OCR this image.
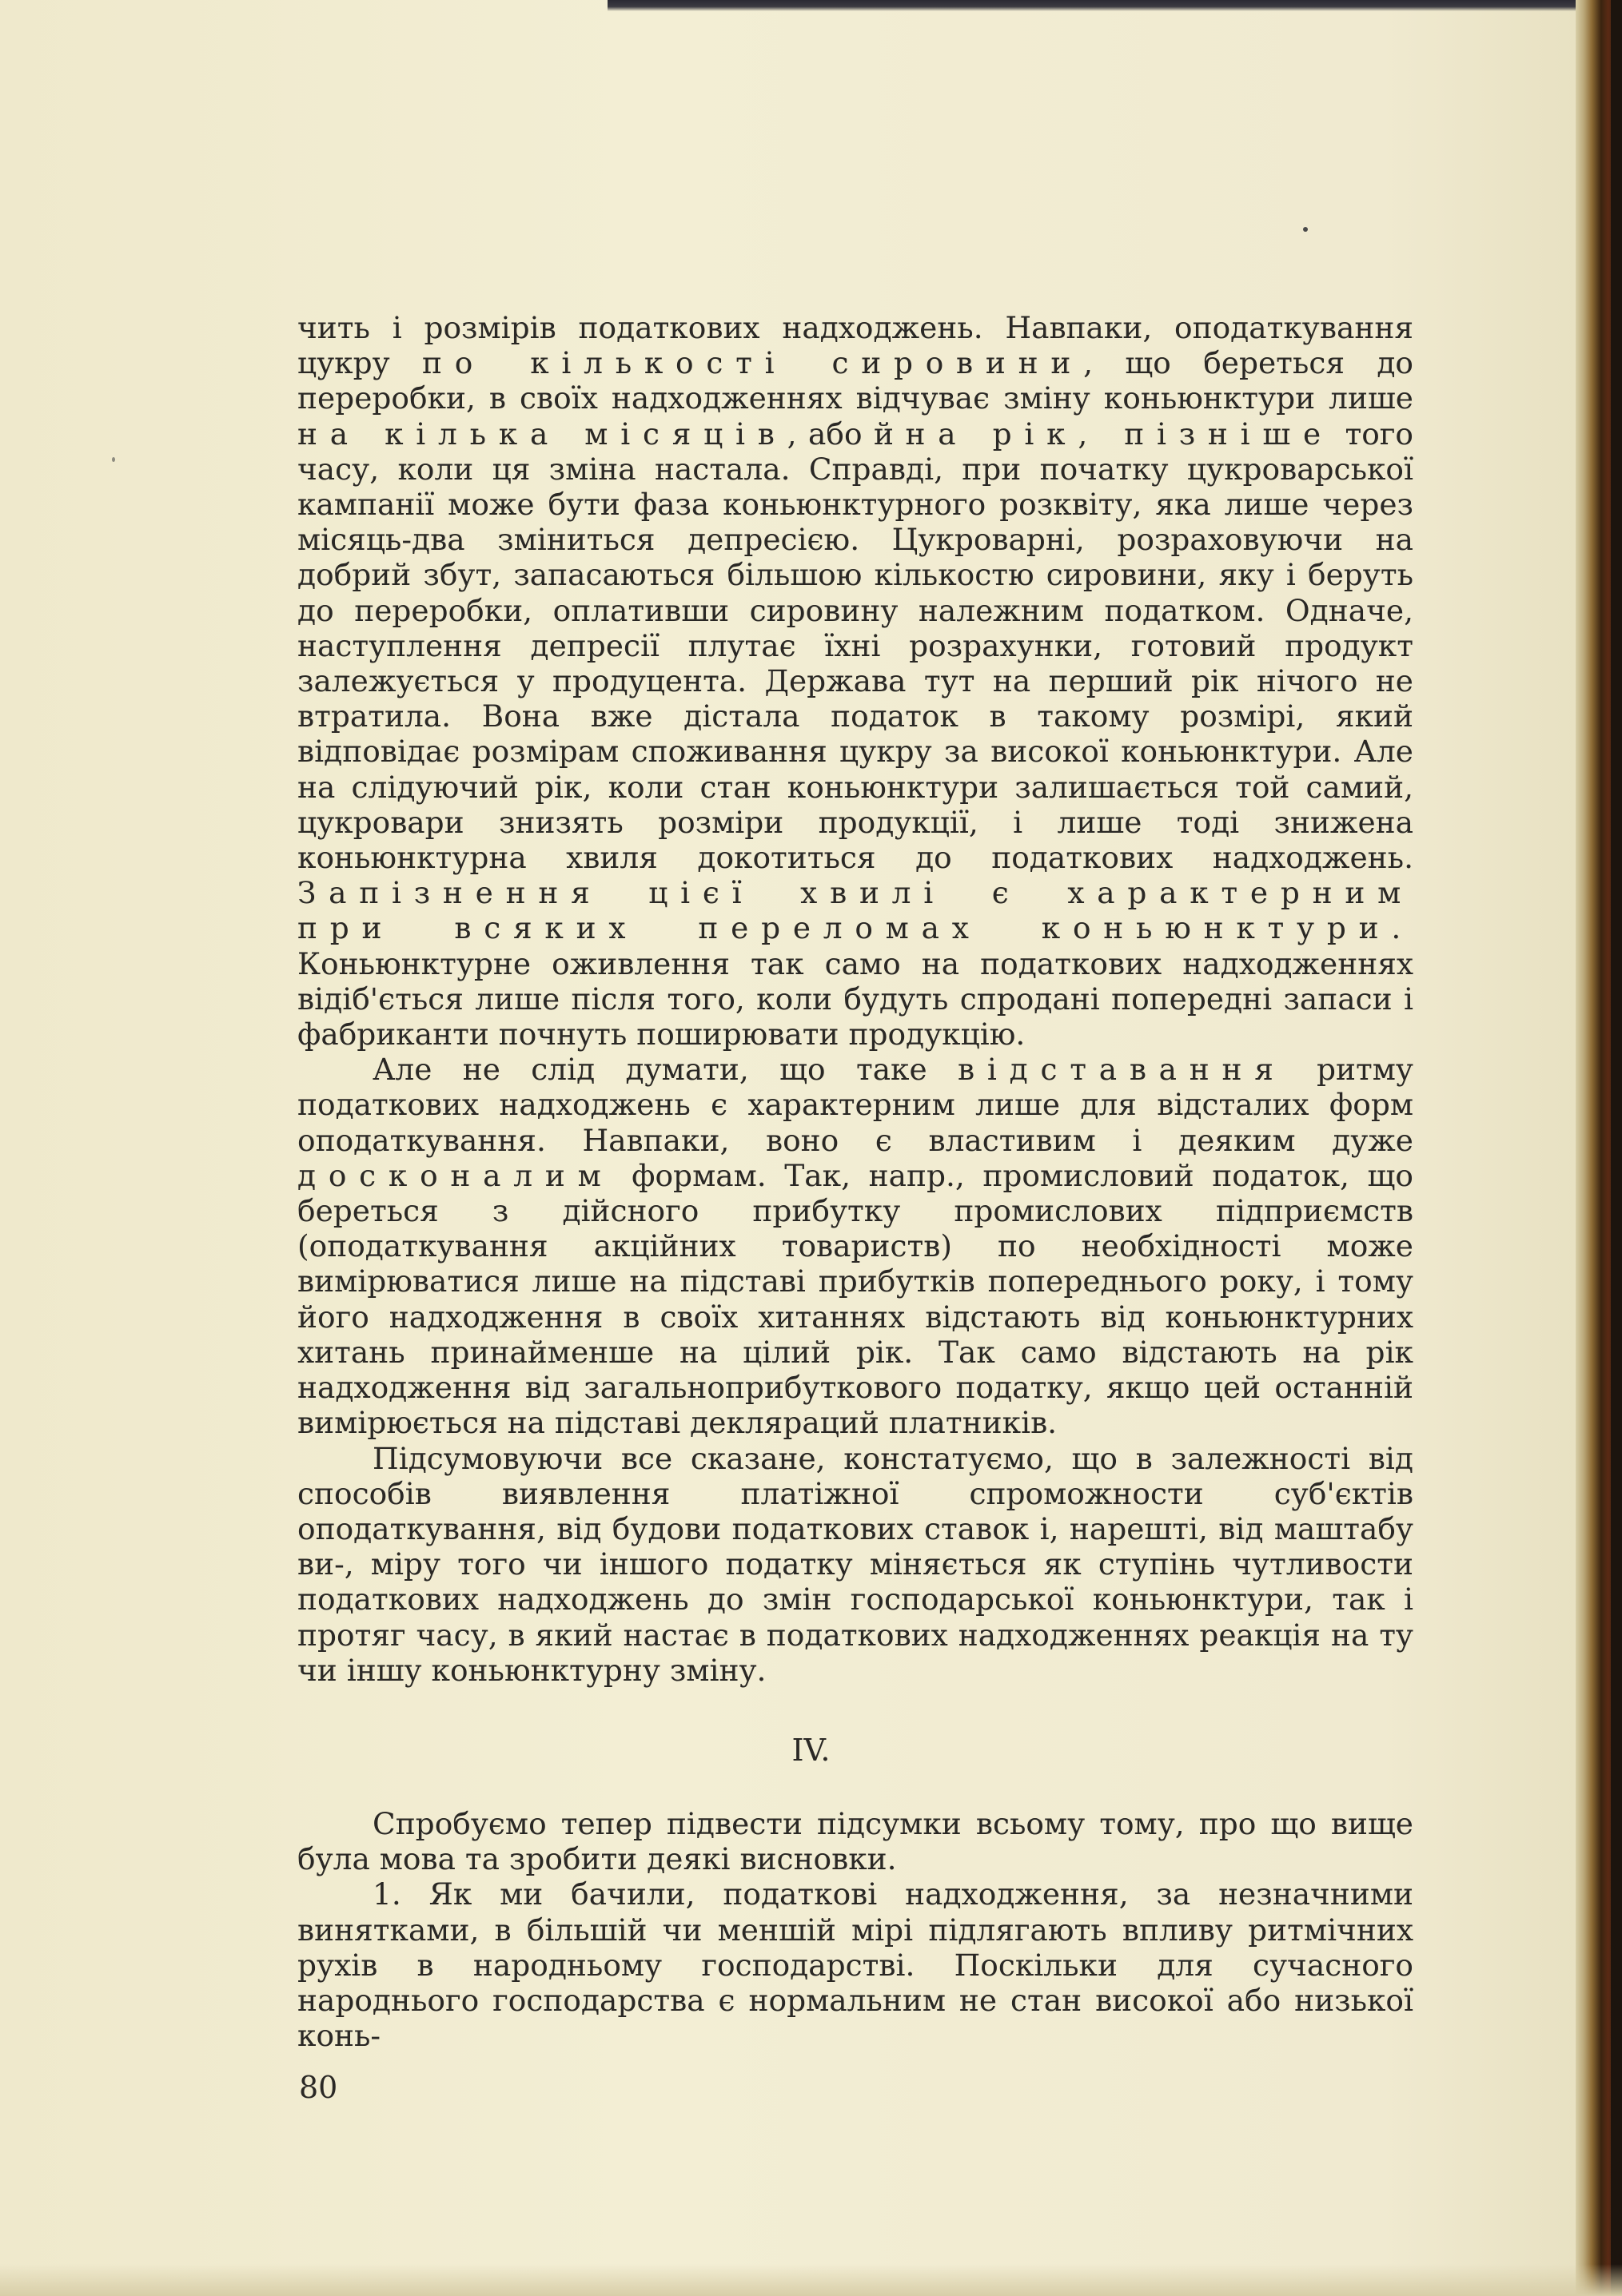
чить і розмірів податкових надходжень. Навпаки, оподаткування цукру по кількості сировини, що береться до переробки, в своїх надходженнях відчуває зміну коньюнктури лише на кілька місяців, або й на рік, пізніше того часу, коли ця зміна настала. Справді, при початку цукроварської кампанії може бути фаза коньюнктурного розквіту, яка лише через місяць-два зміниться депресією. Цукроварні, розраховуючи на добрий збут, запасаються більшою кількостю сировини, яку і беруть до переробки, оплативши сировину належним податком. Одначе, наступлення депресії плутає їхні розрахунки, готовий продукт залежується у продуцента. Держава тут на перший рік нічого не втратила. Вона вже дістала податок в такому розмірі, який відповідає розмірам споживання цукру за високої коньюнктури. Але на слідуючий рік, коли стан коньюнктури залишається той самий, цукровари знизять розміри продукції, і лише тоді знижена коньюнктурна хвиля докотиться до податкових надходжень. Запізнення цієї хвилі є характерним при всяких переломах коньюнктури. Коньюнктурне оживлення так само на податкових надходженнях відіб'ється лише після того, коли будуть спродані попередні запаси і фабриканти почнуть поширювати продукцію.

Але не слід думати, що таке відставання ритму податкових надходжень є характерним лише для відсталих форм оподаткування. Навпаки, воно є властивим і деяким дуже досконалим формам. Так, напр., промисловий податок, що береться з дійсного прибутку промислових підприємств (оподаткування акційних товариств) по необхідності може вимірюватися лише на підставі прибутків попереднього року, і тому його надходження в своїх хитаннях відстають від коньюнктурних хитань принайменше на цілий рік. Так само відстають на рік надходження від загальноприбуткового податку, якщо цей останній вимірюється на підставі декляраций платників.

Підсумовуючи все сказане, констатуємо, що в залежності від способів виявлення платіжної спроможности суб'єктів оподаткування, від будови податкових ставок і, нарешті, від маштабу ви-, міру того чи іншого податку міняється як ступінь чутливости податкових надходжень до змін господарської коньюнктури, так і протяг часу, в який настає в податкових надходженнях реакція на ту чи іншу коньюнктурну зміну.

IV.

Спробуємо тепер підвести підсумки всьому тому, про що вище була мова та зробити деякі висновки.

1. Як ми бачили, податкові надходження, за незначними винятками, в більшій чи меншій мірі підлягають впливу ритмічних рухів в народньому господарстві. Поскільки для сучасного народнього господарства є нормальним не стан високої або низької конь-

80
